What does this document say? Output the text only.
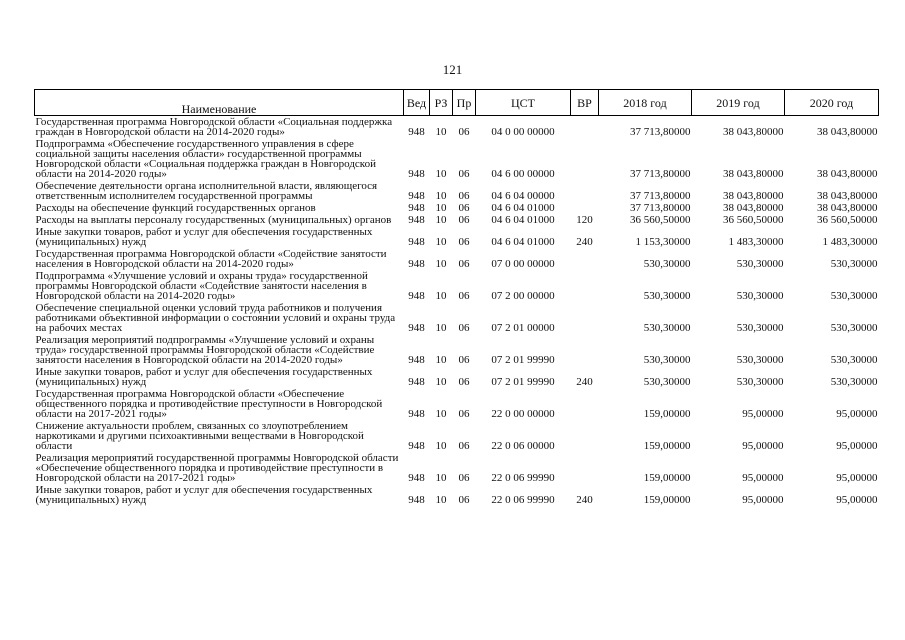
121
Наименование	Вед	РЗ	Пр	ЦСТ	ВР	2018 год	2019 год	2020 год
Государственная программа Новгородской области «Социальная поддержка граждан в Новгородской области на 2014-2020 годы»	948	10	06	04 0 00 00000		37 713,80000	38 043,80000	38 043,80000
Подпрограмма «Обеспечение государственного управления в сфере социальной защиты населения области» государственной программы Новгородской области «Социальная поддержка граждан в Новгородской области на 2014-2020 годы»	948	10	06	04 6 00 00000		37 713,80000	38 043,80000	38 043,80000
Обеспечение деятельности органа исполнительной власти, являющегося ответственным исполнителем государственной программы	948	10	06	04 6 04 00000		37 713,80000	38 043,80000	38 043,80000
Расходы на обеспечение функций государственных органов	948	10	06	04 6 04 01000		37 713,80000	38 043,80000	38 043,80000
Расходы на выплаты персоналу государственных (муниципальных) органов	948	10	06	04 6 04 01000	120	36 560,50000	36 560,50000	36 560,50000
Иные закупки товаров, работ и услуг для обеспечения государственных (муниципальных) нужд	948	10	06	04 6 04 01000	240	1 153,30000	1 483,30000	1 483,30000
Государственная программа Новгородской области «Содействие занятости населения в Новгородской области на 2014-2020 годы»	948	10	06	07 0 00 00000		530,30000	530,30000	530,30000
Подпрограмма «Улучшение условий и охраны труда» государственной программы Новгородской области «Содействие занятости населения в Новгородской области на 2014-2020 годы»	948	10	06	07 2 00 00000		530,30000	530,30000	530,30000
Обеспечение специальной оценки условий труда работников и получения работниками объективной информации о состоянии условий и охраны труда на рабочих местах	948	10	06	07 2 01 00000		530,30000	530,30000	530,30000
Реализация мероприятий подпрограммы «Улучшение условий и охраны труда» государственной программы Новгородской области «Содействие занятости населения в Новгородской области на 2014-2020 годы»	948	10	06	07 2 01 99990		530,30000	530,30000	530,30000
Иные закупки товаров, работ и услуг для обеспечения государственных (муниципальных) нужд	948	10	06	07 2 01 99990	240	530,30000	530,30000	530,30000
Государственная программа Новгородской области «Обеспечение общественного порядка и противодействие преступности в Новгородской области на 2017-2021 годы»	948	10	06	22 0 00 00000		159,00000	95,00000	95,00000
Снижение актуальности проблем, связанных со злоупотреблением наркотиками и другими психоактивными веществами в Новгородской области	948	10	06	22 0 06 00000		159,00000	95,00000	95,00000
Реализация мероприятий государственной программы Новгородской области «Обеспечение общественного порядка и противодействие преступности в Новгородской области на 2017-2021 годы»	948	10	06	22 0 06 99990		159,00000	95,00000	95,00000
Иные закупки товаров, работ и услуг для обеспечения государственных (муниципальных) нужд	948	10	06	22 0 06 99990	240	159,00000	95,00000	95,00000
